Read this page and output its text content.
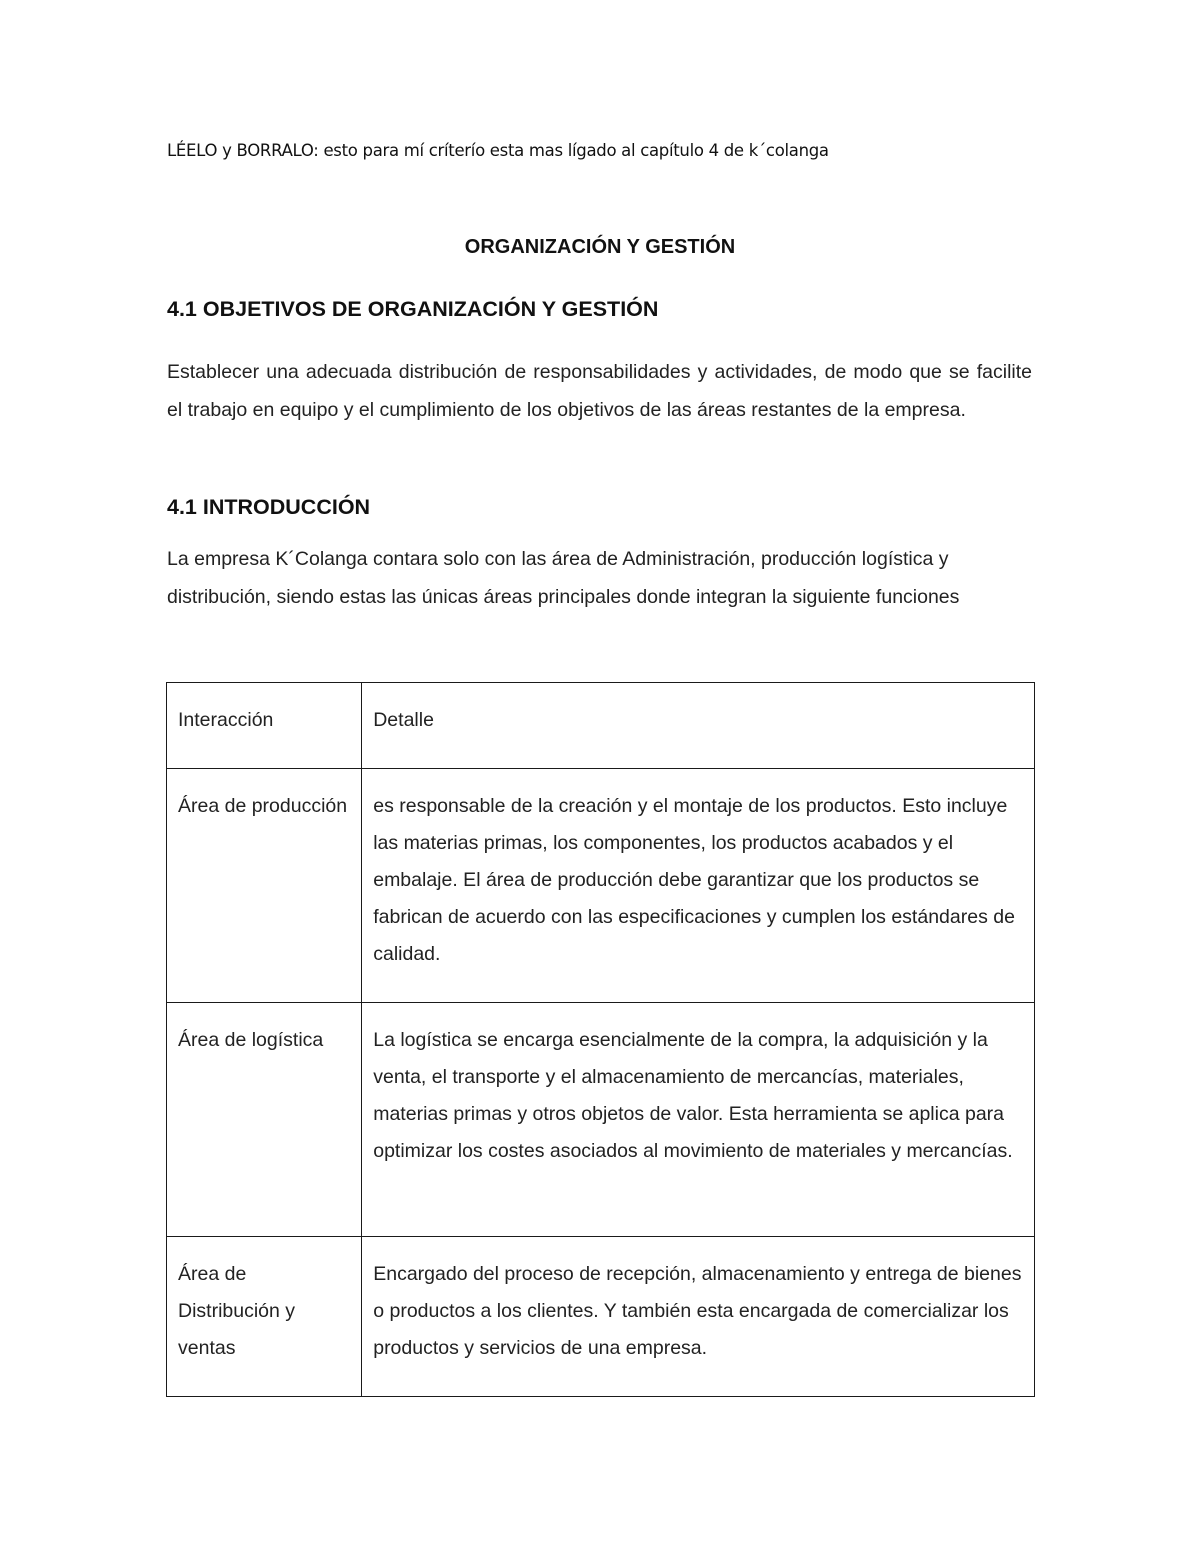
LÉELO y BORRALO: esto para mí críterío esta mas lígado al capítulo 4 de k´colanga
ORGANIZACIÓN Y GESTIÓN
4.1 OBJETIVOS DE ORGANIZACIÓN Y GESTIÓN
Establecer una adecuada distribución de responsabilidades y actividades, de modo que se facilite el trabajo en equipo y el cumplimiento de los objetivos de las áreas restantes de la empresa.
4.1 INTRODUCCIÓN
La empresa K´Colanga contara solo con las área de Administración, producción logística y distribución, siendo estas las únicas áreas principales donde integran la siguiente funciones
Interacción	Detalle
Área de producción	es responsable de la creación y el montaje de los productos. Esto incluye las materias primas, los componentes, los productos acabados y el embalaje. El área de producción debe garantizar que los productos se fabrican de acuerdo con las especificaciones y cumplen los estándares de calidad.
Área de logística	La logística se encarga esencialmente de la compra, la adquisición y la venta, el transporte y el almacenamiento de mercancías, materiales, materias primas y otros objetos de valor. Esta herramienta se aplica para optimizar los costes asociados al movimiento de materiales y mercancías.
Área de Distribución y ventas	Encargado del proceso de recepción, almacenamiento y entrega de bienes o productos a los clientes. Y también esta encargada de comercializar los productos y servicios de una empresa.
